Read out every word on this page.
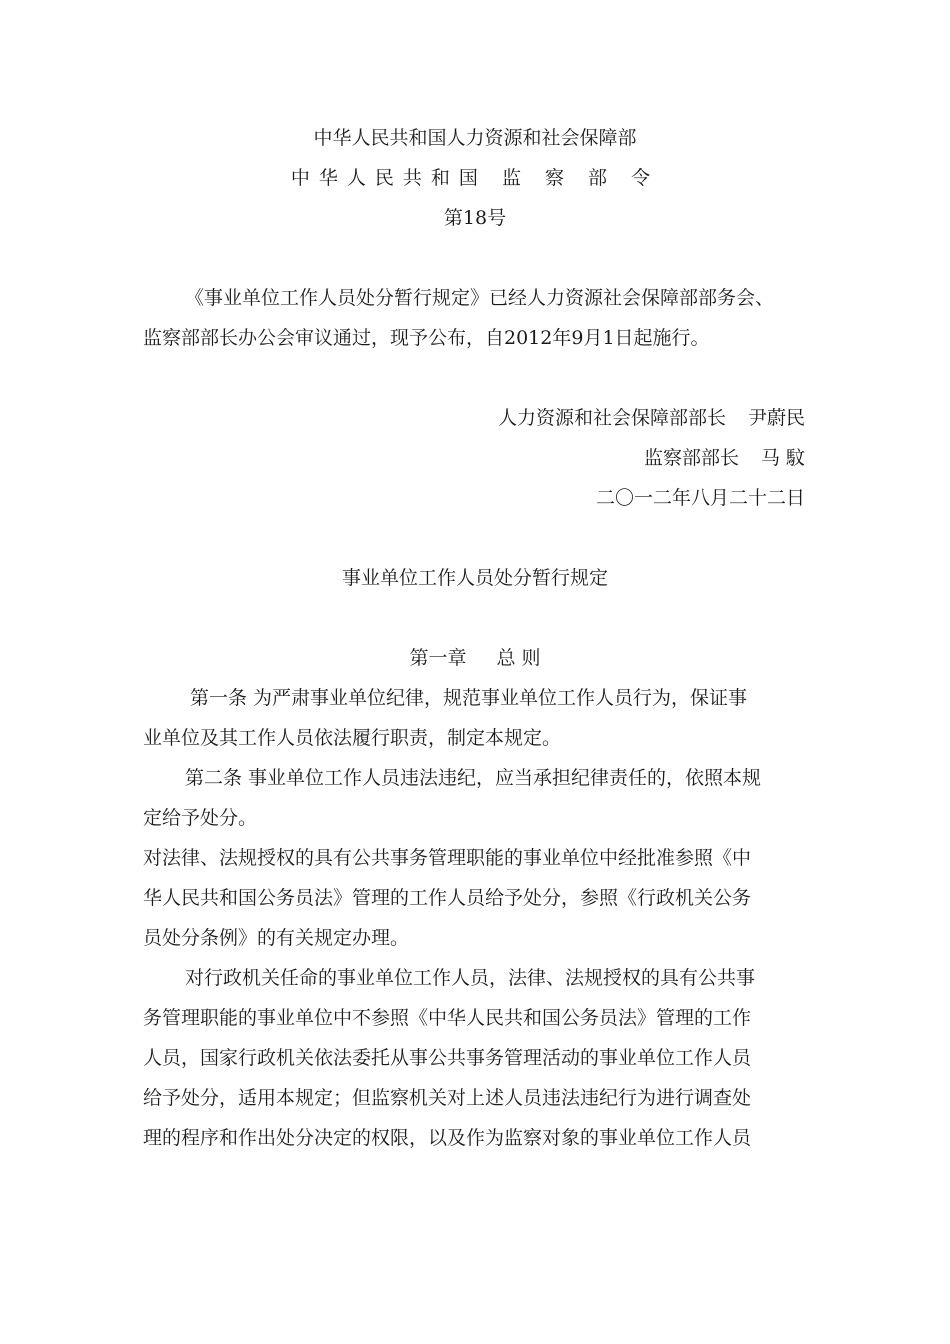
中华人民共和国人力资源和社会保障部
中华人民共和国 监 察 部 令
第18号
《事业单位工作人员处分暂行规定》已经人力资源社会保障部部务会、
监察部部长办公会审议通过，现予公布，自2012年9月1日起施行。
人力资源和社会保障部部长 尹蔚民
监察部部长 马 馼
二〇一二年八月二十二日
事业单位工作人员处分暂行规定
第一章 总 则
第一条 为严肃事业单位纪律，规范事业单位工作人员行为，保证事
业单位及其工作人员依法履行职责，制定本规定。
第二条 事业单位工作人员违法违纪，应当承担纪律责任的，依照本规
定给予处分。
对法律、法规授权的具有公共事务管理职能的事业单位中经批准参照《中
华人民共和国公务员法》管理的工作人员给予处分，参照《行政机关公务
员处分条例》的有关规定办理。
对行政机关任命的事业单位工作人员，法律、法规授权的具有公共事
务管理职能的事业单位中不参照《中华人民共和国公务员法》管理的工作
人员，国家行政机关依法委托从事公共事务管理活动的事业单位工作人员
给予处分，适用本规定；但监察机关对上述人员违法违纪行为进行调查处
理的程序和作出处分决定的权限，以及作为监察对象的事业单位工作人员
